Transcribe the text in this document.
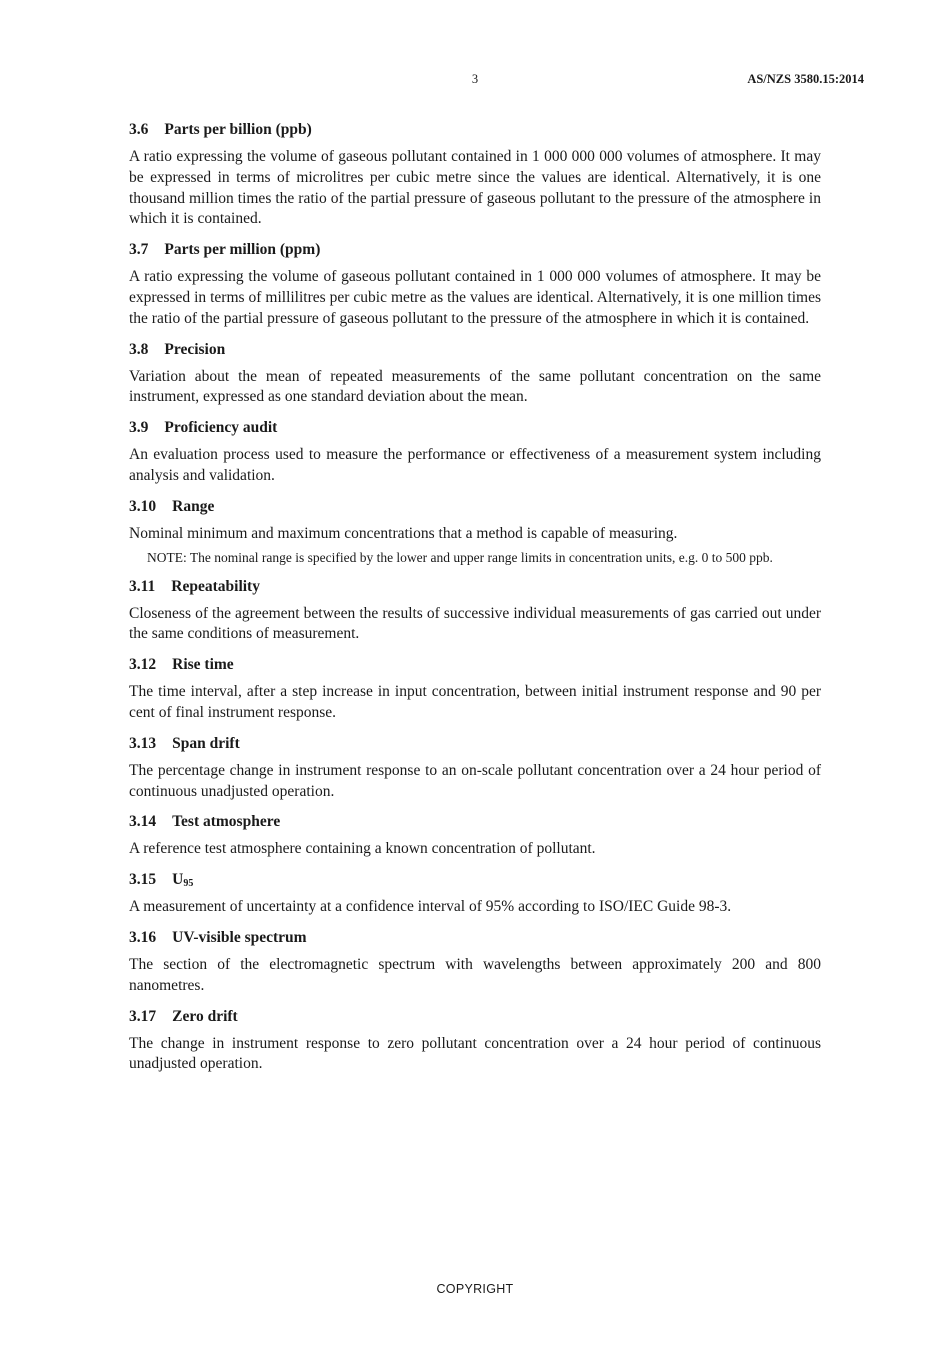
3	AS/NZS 3580.15:2014
3.6 Parts per billion (ppb)

A ratio expressing the volume of gaseous pollutant contained in 1 000 000 000 volumes of atmosphere. It may be expressed in terms of microlitres per cubic metre since the values are identical. Alternatively, it is one thousand million times the ratio of the partial pressure of gaseous pollutant to the pressure of the atmosphere in which it is contained.

3.7 Parts per million (ppm)

A ratio expressing the volume of gaseous pollutant contained in 1 000 000 volumes of atmosphere. It may be expressed in terms of millilitres per cubic metre as the values are identical. Alternatively, it is one million times the ratio of the partial pressure of gaseous pollutant to the pressure of the atmosphere in which it is contained.

3.8 Precision

Variation about the mean of repeated measurements of the same pollutant concentration on the same instrument, expressed as one standard deviation about the mean.

3.9 Proficiency audit

An evaluation process used to measure the performance or effectiveness of a measurement system including analysis and validation.

3.10 Range

Nominal minimum and maximum concentrations that a method is capable of measuring.

NOTE: The nominal range is specified by the lower and upper range limits in concentration units, e.g. 0 to 500 ppb.

3.11 Repeatability

Closeness of the agreement between the results of successive individual measurements of gas carried out under the same conditions of measurement.

3.12 Rise time

The time interval, after a step increase in input concentration, between initial instrument response and 90 per cent of final instrument response.

3.13 Span drift

The percentage change in instrument response to an on-scale pollutant concentration over a 24 hour period of continuous unadjusted operation.

3.14 Test atmosphere

A reference test atmosphere containing a known concentration of pollutant.

3.15 $U_{95}$

A measurement of uncertainty at a confidence interval of 95% according to ISO/IEC Guide 98-3.

3.16 UV-visible spectrum

The section of the electromagnetic spectrum with wavelengths between approximately 200 and 800 nanometres.

3.17 Zero drift

The change in instrument response to zero pollutant concentration over a 24 hour period of continuous unadjusted operation.

COPYRIGHT
